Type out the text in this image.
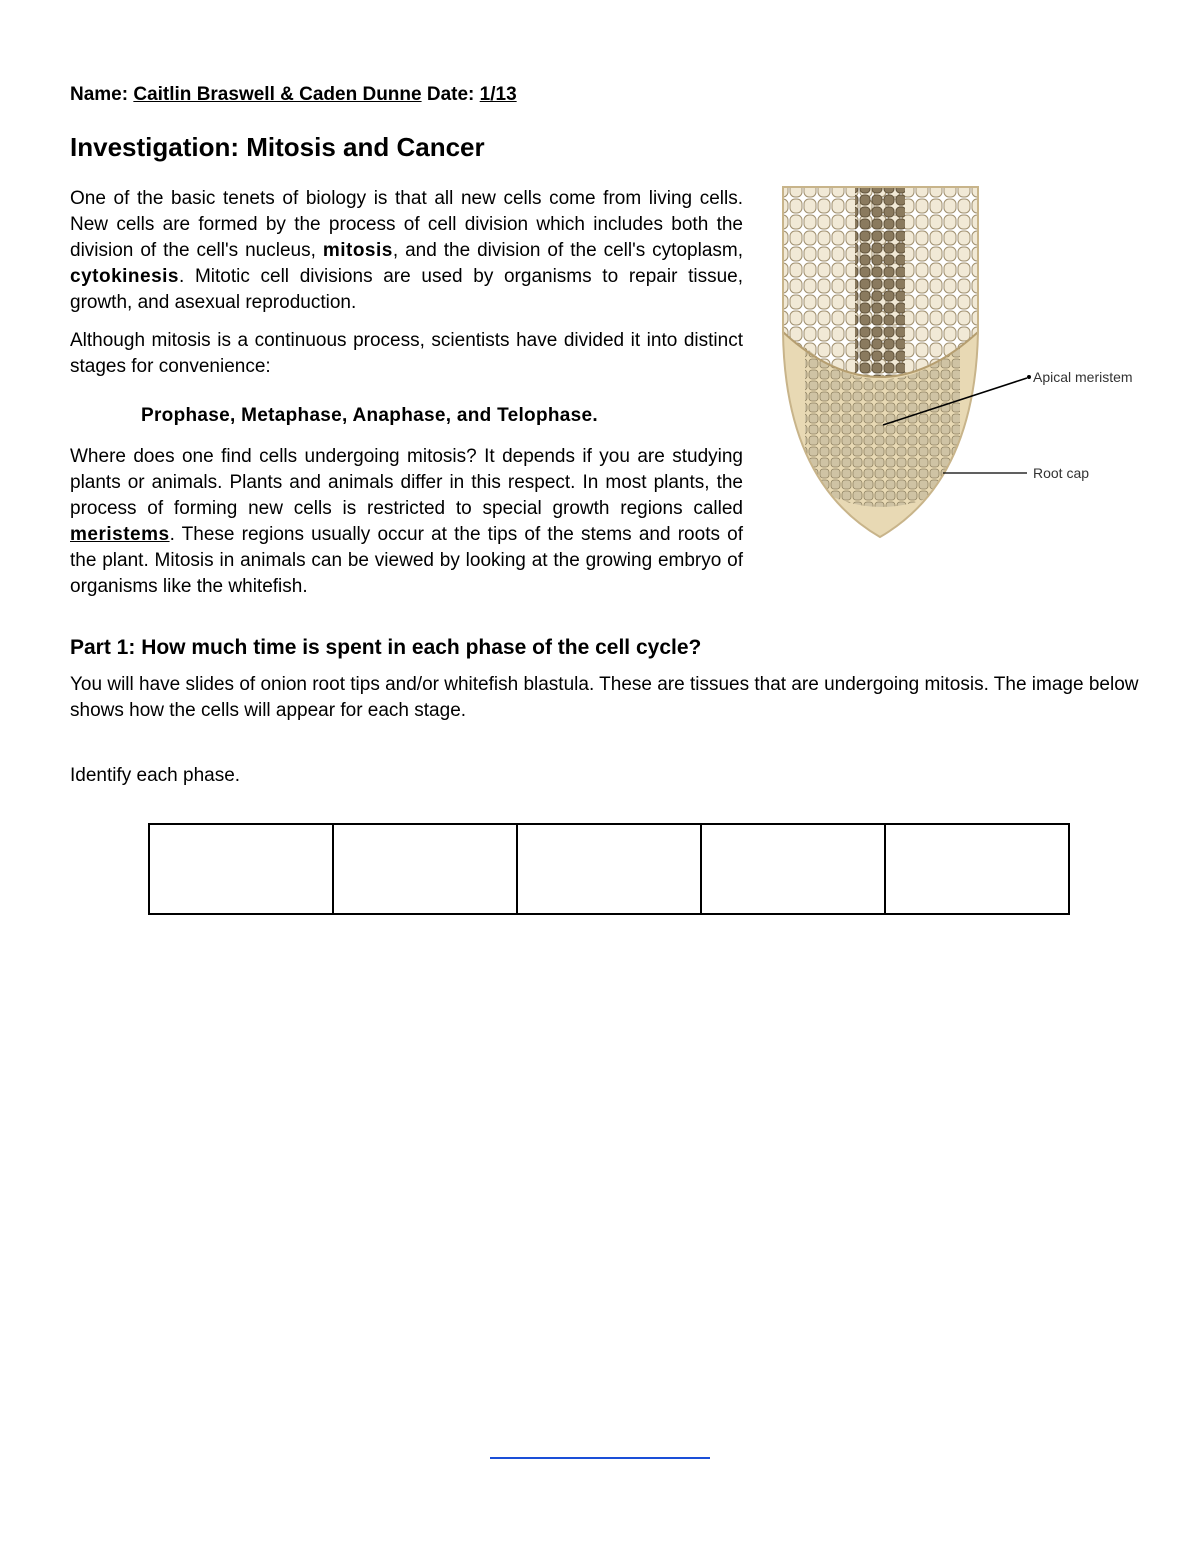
Name: Caitlin Braswell & Caden Dunne Date: 1/13
Investigation: Mitosis and Cancer

One of the basic tenets of biology is that all new cells come from living cells. New cells are formed by the process of cell division which includes both the division of the cell's nucleus, mitosis, and the division of the cell's cytoplasm, cytokinesis. Mitotic cell divisions are used by organisms to repair tissue, growth, and asexual reproduction.

Although mitosis is a continuous process, scientists have divided it into distinct stages for convenience:

Prophase, Metaphase, Anaphase, and Telophase.

Where does one find cells undergoing mitosis? It depends if you are studying plants or animals. Plants and animals differ in this respect. In most plants, the process of forming new cells is restricted to special growth regions called meristems. These regions usually occur at the tips of the stems and roots of the plant. Mitosis in animals can be viewed by looking at the growing embryo of organisms like the whitefish.

Apical meristem
Root cap
Part 1: How much time is spent in each phase of the cell cycle?

You will have slides of onion root tips and/or whitefish blastula. These are tissues that are undergoing mitosis. The image below shows how the cells will appear for each stage.

Identify each phase.
